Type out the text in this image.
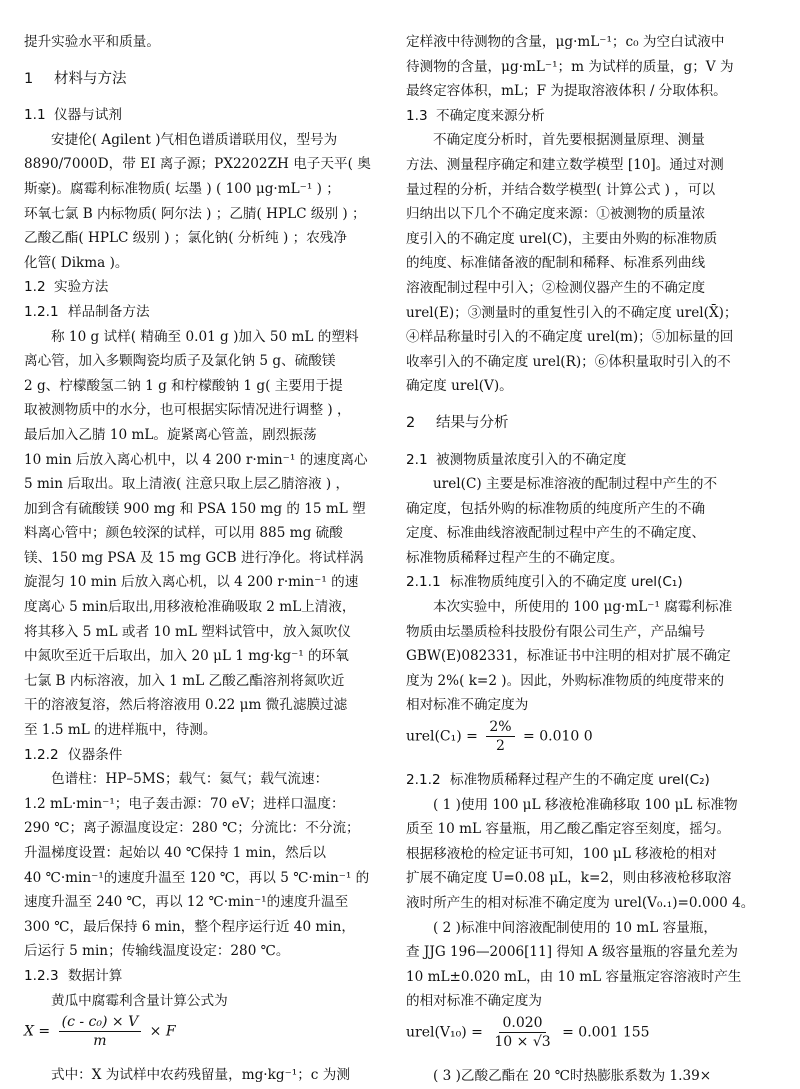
提升实验水平和质量。
1 材料与方法
1.1 仪器与试剂
安捷伦( Agilent )气相色谱质谱联用仪，型号为
8890/7000D，带 EI 离子源；PX2202ZH 电子天平( 奥
斯豪)。腐霉利标准物质( 坛墨 ) ( 100 μg·mL⁻¹ ) ；
环氧七氯 B 内标物质( 阿尔法 ) ；乙腈( HPLC 级别 ) ；
乙酸乙酯( HPLC 级别 ) ；氯化钠( 分析纯 ) ；农残净
化管( Dikma )。
1.2 实验方法
1.2.1 样品制备方法
称 10 g 试样( 精确至 0.01 g )加入 50 mL 的塑料
离心管，加入多颗陶瓷均质子及氯化钠 5 g、硫酸镁
2 g、柠檬酸氢二钠 1 g 和柠檬酸钠 1 g( 主要用于提
取被测物质中的水分，也可根据实际情况进行调整 ) ，
最后加入乙腈 10 mL。旋紧离心管盖，剧烈振荡
10 min 后放入离心机中，以 4 200 r·min⁻¹ 的速度离心
5 min 后取出。取上清液( 注意只取上层乙腈溶液 ) ，
加到含有硫酸镁 900 mg 和 PSA 150 mg 的 15 mL 塑
料离心管中；颜色较深的试样，可以用 885 mg 硫酸
镁、150 mg PSA 及 15 mg GCB 进行净化。将试样涡
旋混匀 10 min 后放入离心机，以 4 200 r·min⁻¹ 的速
度离心 5 min后取出,用移液枪准确吸取 2 mL上清液，
将其移入 5 mL 或者 10 mL 塑料试管中，放入氮吹仪
中氮吹至近干后取出，加入 20 μL 1 mg·kg⁻¹ 的环氧
七氯 B 内标溶液，加入 1 mL 乙酸乙酯溶剂将氮吹近
干的溶液复溶，然后将溶液用 0.22 μm 微孔滤膜过滤
至 1.5 mL 的进样瓶中，待测。
1.2.2 仪器条件
色谱柱：HP–5MS；载气：氦气；载气流速：
1.2 mL·min⁻¹；电子轰击源：70 eV；进样口温度：
290 ℃；离子源温度设定：280 ℃；分流比：不分流；
升温梯度设置：起始以 40 ℃保持 1 min，然后以
40 ℃·min⁻¹的速度升温至 120 ℃，再以 5 ℃·min⁻¹ 的
速度升温至 240 ℃，再以 12 ℃·min⁻¹的速度升温至
300 ℃，最后保持 6 min，整个程序运行近 40 min，
后运行 5 min；传输线温度设定：280 ℃。
1.2.3 数据计算
黄瓜中腐霉利含量计算公式为
$X = \frac{\text{(c - c₀) × V}}{m} \times F$
式中：X 为试样中农药残留量，mg·kg⁻¹；c 为测
定样液中待测物的含量，μg·mL⁻¹；c₀ 为空白试液中
待测物的含量，μg·mL⁻¹；m 为试样的质量，g；V 为
最终定容体积，mL；F 为提取溶液体积 / 分取体积。
1.3 不确定度来源分析
不确定度分析时，首先要根据测量原理、测量
方法、测量程序确定和建立数学模型 [10]。通过对测
量过程的分析，并结合数学模型( 计算公式 ) ，可以
归纳出以下几个不确定度来源：①被测物的质量浓
度引入的不确定度 urel(C)，主要由外购的标准物质
的纯度、标准储备液的配制和稀释、标准系列曲线
溶液配制过程中引入；②检测仪器产生的不确定度
urel(E)；③测量时的重复性引入的不确定度 urel(X̄)；
④样品称量时引入的不确定度 urel(m)；⑤加标量的回
收率引入的不确定度 urel(R)；⑥体积量取时引入的不
确定度 urel(V)。
2 结果与分析
2.1 被测物质量浓度引入的不确定度
urel(C) 主要是标准溶液的配制过程中产生的不
确定度，包括外购的标准物质的纯度所产生的不确
定度、标准曲线溶液配制过程中产生的不确定度、
标准物质稀释过程产生的不确定度。
2.1.1 标准物质纯度引入的不确定度 urel(C₁)
本次实验中，所使用的 100 μg·mL⁻¹ 腐霉利标准
物质由坛墨质检科技股份有限公司生产，产品编号
GBW(E)082331，标准证书中注明的相对扩展不确定
度为 2%( k=2 )。因此，外购标准物质的纯度带来的
相对标准不确定度为
urel(C₁) = $\frac{2\%}{2} = 0.010$ 0
2.1.2 标准物质稀释过程产生的不确定度 urel(C₂)
( 1 )使用 100 μL 移液枪准确移取 100 μL 标准物
质至 10 mL 容量瓶，用乙酸乙酯定容至刻度，摇匀。
根据移液枪的检定证书可知，100 μL 移液枪的相对
扩展不确定度 U=0.08 μL，k=2，则由移液枪移取溶
液时所产生的相对标准不确定度为 urel(V₀.₁)=0.000 4。
( 2 )标准中间溶液配制使用的 10 mL 容量瓶，
查 JJG 196—2006[11] 得知 A 级容量瓶的容量允差为
10 mL±0.020 mL，由 10 mL 容量瓶定容溶液时产生
的相对标准不确定度为
urel(V₁₀) = $\frac{0.020}{10 \times √3} = 0.001$ 155
( 3 )乙酸乙酯在 20 ℃时热膨胀系数为 1.39×
